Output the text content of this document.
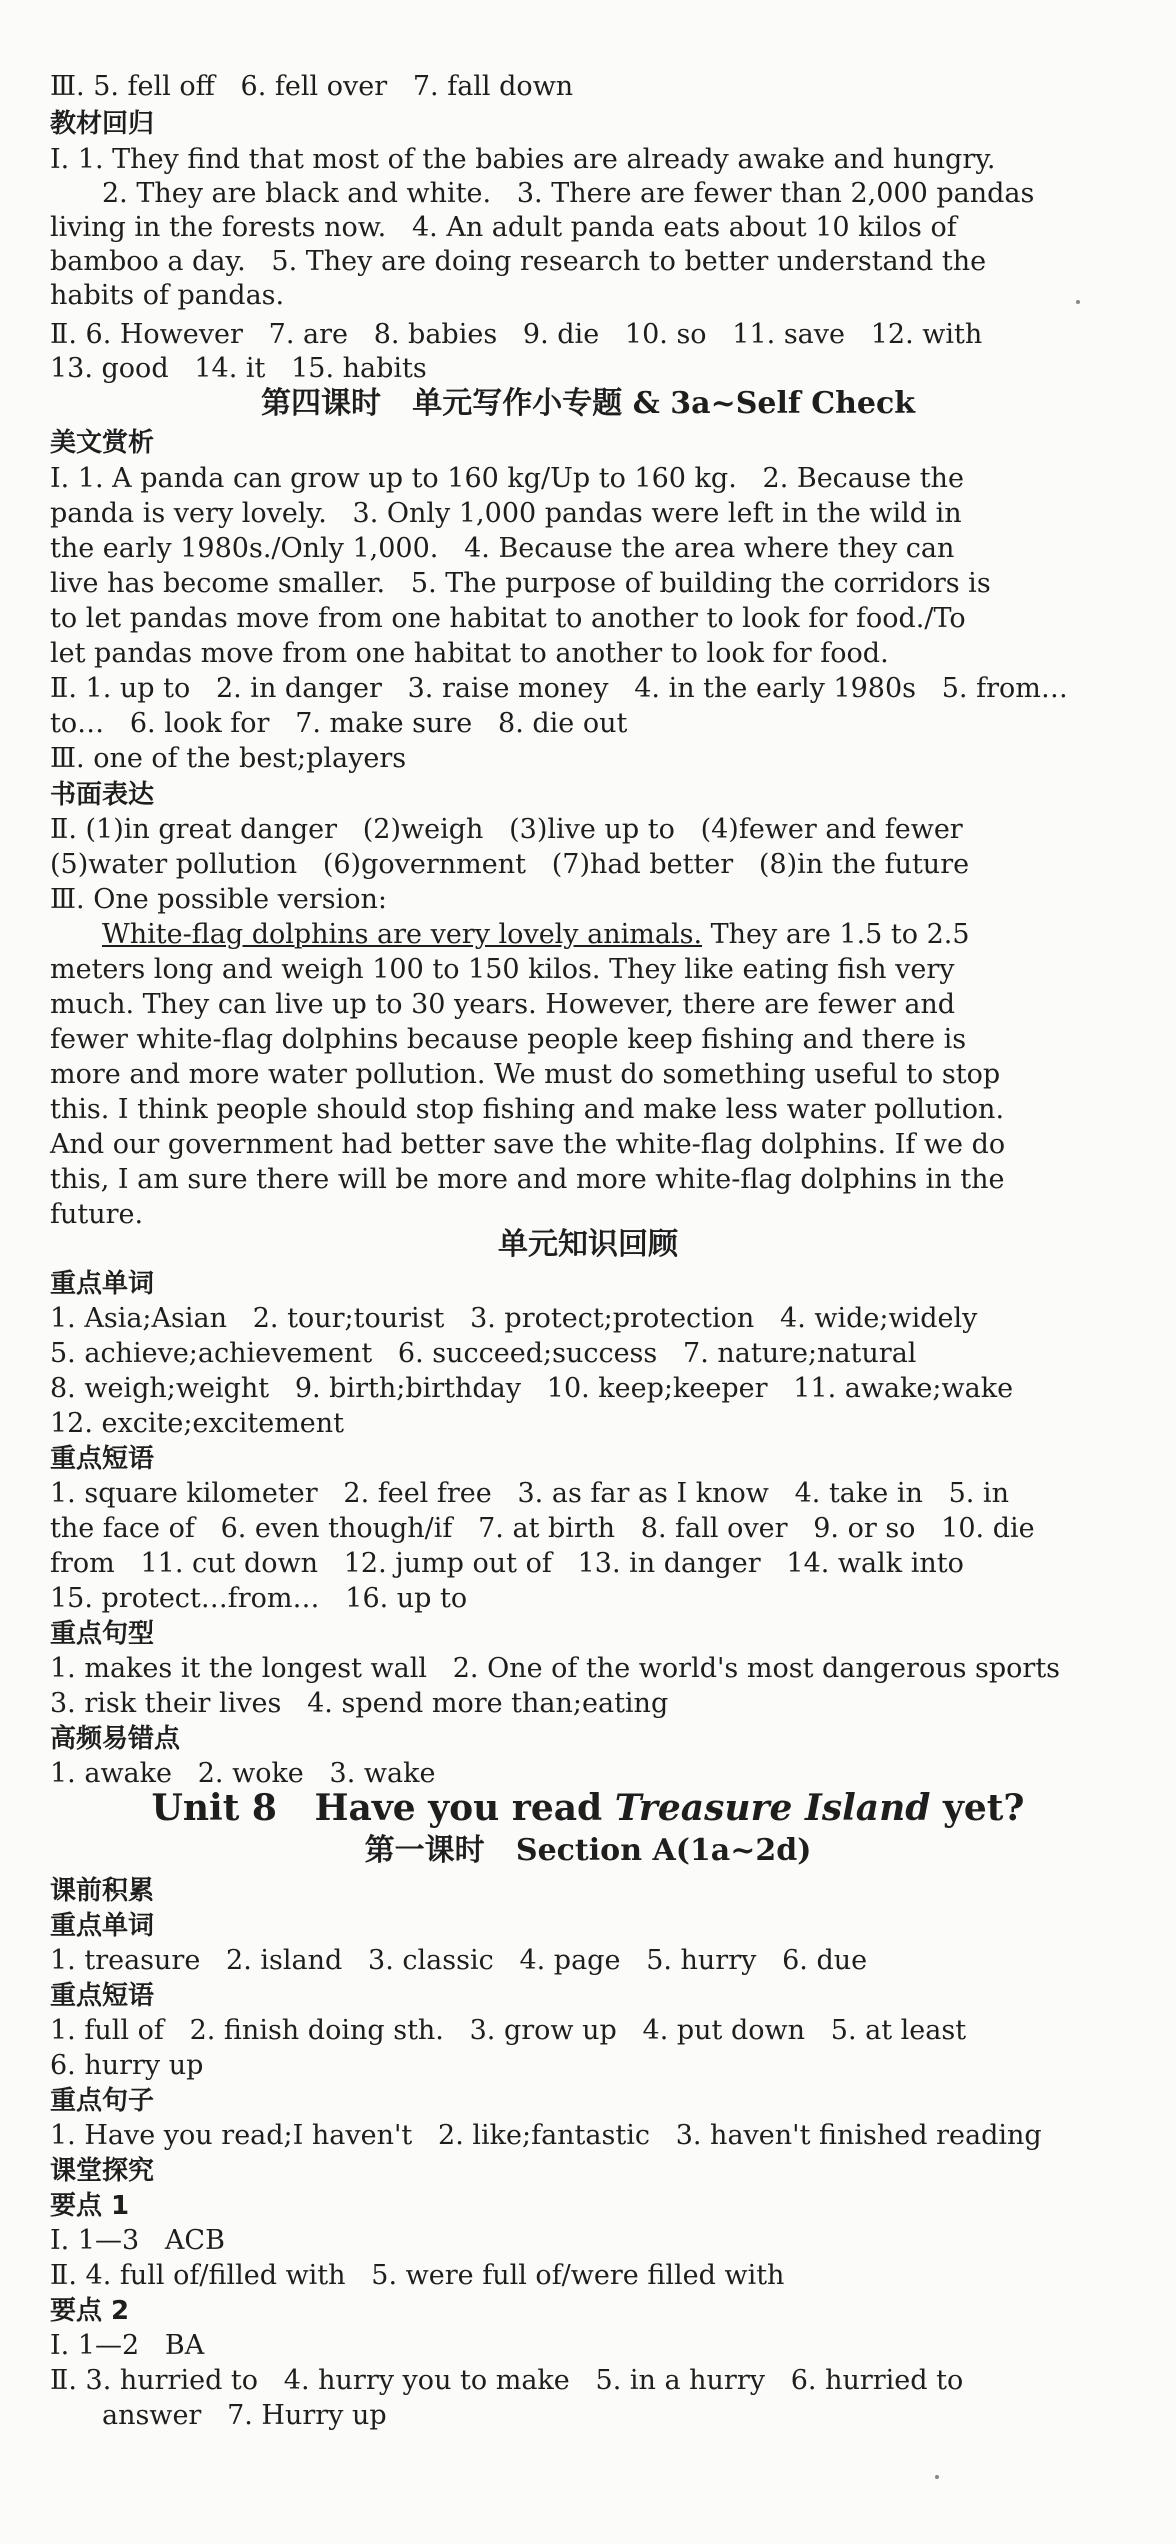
Ⅲ. 5. fell off   6. fell over   7. fall down
教材回归
Ⅰ. 1. They find that most of the babies are already awake and hungry.
2. They are black and white.   3. There are fewer than 2,000 pandas
living in the forests now.   4. An adult panda eats about 10 kilos of
bamboo a day.   5. They are doing research to better understand the
habits of pandas.
Ⅱ. 6. However   7. are   8. babies   9. die   10. so   11. save   12. with
13. good   14. it   15. habits
第四课时   单元写作小专题 & 3a~Self Check
美文赏析
Ⅰ. 1. A panda can grow up to 160 kg/Up to 160 kg.   2. Because the
panda is very lovely.   3. Only 1,000 pandas were left in the wild in
the early 1980s./Only 1,000.   4. Because the area where they can
live has become smaller.   5. The purpose of building the corridors is
to let pandas move from one habitat to another to look for food./To
let pandas move from one habitat to another to look for food.
Ⅱ. 1. up to   2. in danger   3. raise money   4. in the early 1980s   5. from…
to…   6. look for   7. make sure   8. die out
Ⅲ. one of the best;players
书面表达
Ⅱ. (1)in great danger   (2)weigh   (3)live up to   (4)fewer and fewer
(5)water pollution   (6)government   (7)had better   (8)in the future
Ⅲ. One possible version:
White-flag dolphins are very lovely animals. They are 1.5 to 2.5
meters long and weigh 100 to 150 kilos. They like eating fish very
much. They can live up to 30 years. However, there are fewer and
fewer white-flag dolphins because people keep fishing and there is
more and more water pollution. We must do something useful to stop
this. I think people should stop fishing and make less water pollution.
And our government had better save the white-flag dolphins. If we do
this, I am sure there will be more and more white-flag dolphins in the
future.
单元知识回顾
重点单词
1. Asia;Asian   2. tour;tourist   3. protect;protection   4. wide;widely
5. achieve;achievement   6. succeed;success   7. nature;natural
8. weigh;weight   9. birth;birthday   10. keep;keeper   11. awake;wake
12. excite;excitement
重点短语
1. square kilometer   2. feel free   3. as far as I know   4. take in   5. in
the face of   6. even though/if   7. at birth   8. fall over   9. or so   10. die
from   11. cut down   12. jump out of   13. in danger   14. walk into
15. protect…from…   16. up to
重点句型
1. makes it the longest wall   2. One of the world's most dangerous sports
3. risk their lives   4. spend more than;eating
高频易错点
1. awake   2. woke   3. wake
Unit 8   Have you read Treasure Island yet?
第一课时   Section A(1a~2d)
课前积累
重点单词
1. treasure   2. island   3. classic   4. page   5. hurry   6. due
重点短语
1. full of   2. finish doing sth.   3. grow up   4. put down   5. at least
6. hurry up
重点句子
1. Have you read;I haven't   2. like;fantastic   3. haven't finished reading
课堂探究
要点 1
Ⅰ. 1—3   ACB
Ⅱ. 4. full of/filled with   5. were full of/were filled with
要点 2
Ⅰ. 1—2   BA
Ⅱ. 3. hurried to   4. hurry you to make   5. in a hurry   6. hurried to
answer   7. Hurry up
